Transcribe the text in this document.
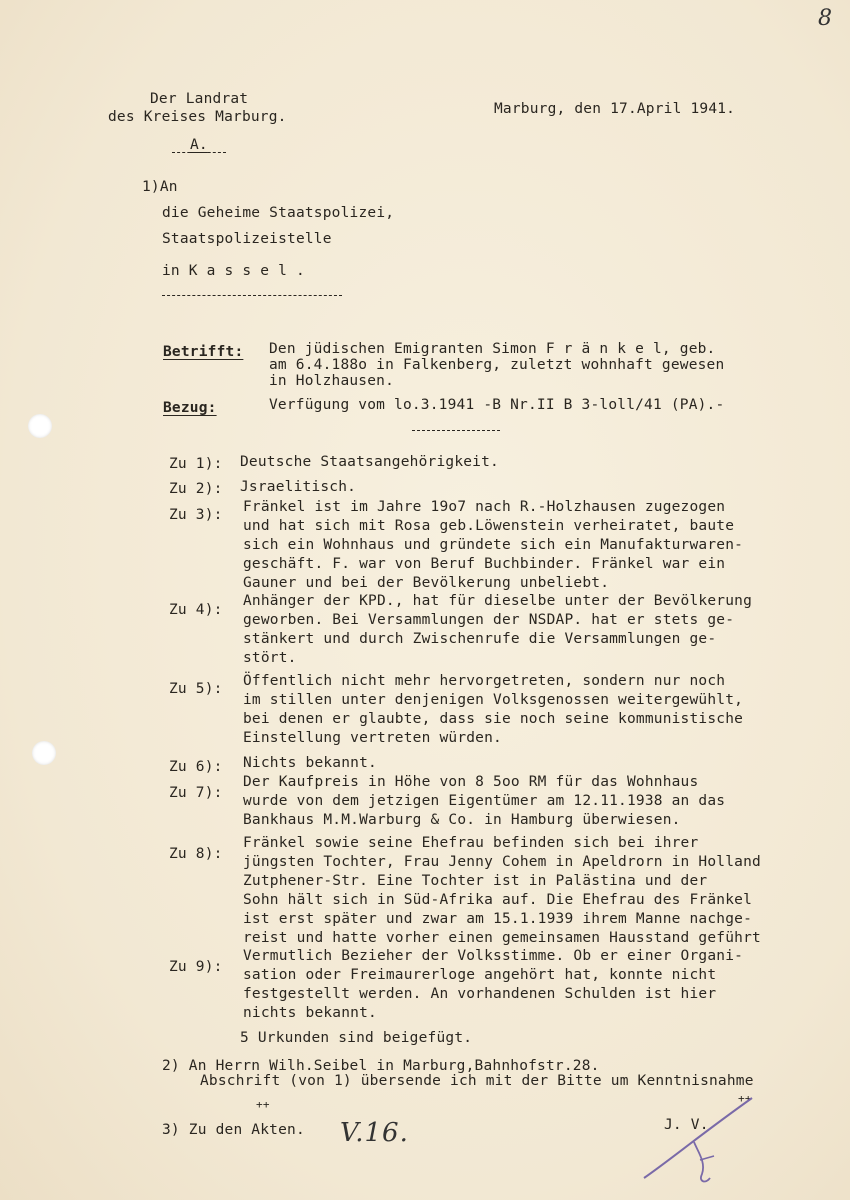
8
Der Landrat
des Kreises Marburg.	Marburg, den 17.April 1941.
A.
1)An
die Geheime Staatspolizei,
Staatspolizeistelle
in K a s s e l .
Betrifft: Den jüdischen Emigranten Simon F r ä n k e l, geb.
am 6.4.188o in Falkenberg, zuletzt wohnhaft gewesen
in Holzhausen.
Bezug:	Verfügung vom lo.3.1941 -B Nr.II B 3-loll/41 (PA).-
Zu 1): Deutsche Staatsangehörigkeit.
Zu 2): Jsraelitisch.
Zu 3): Fränkel ist im Jahre 19o7 nach R.-Holzhausen zugezogen
und hat sich mit Rosa geb.Löwenstein verheiratet, baute
sich ein Wohnhaus und gründete sich ein Manufakturwaren-
geschäft. F. war von Beruf Buchbinder. Fränkel war ein
Gauner und bei der Bevölkerung unbeliebt.
Zu 4):
Anhänger der KPD., hat für dieselbe unter der Bevölkerung
geworben. Bei Versammlungen der NSDAP. hat er stets ge-
stänkert und durch Zwischenrufe die Versammlungen ge-
stört.
Zu 5): Öffentlich nicht mehr hervorgetreten, sondern nur noch
im stillen unter denjenigen Volksgenossen weitergewühlt,
bei denen er glaubte, dass sie noch seine kommunistische
Einstellung vertreten würden.
Zu 6): Nichts bekannt.
Zu 7):
Der Kaufpreis in Höhe von 8 5oo RM für das Wohnhaus
wurde von dem jetzigen Eigentümer am 12.11.1938 an das
Bankhaus M.M.Warburg & Co. in Hamburg überwiesen.
Zu 8):
Fränkel sowie seine Ehefrau befinden sich bei ihrer
jüngsten Tochter, Frau Jenny Cohem in Apeldrorn in Holland
Zutphener-Str. Eine Tochter ist in Palästina und der
Sohn hält sich in Süd-Afrika auf. Die Ehefrau des Fränkel
ist erst später und zwar am 15.1.1939 ihrem Manne nachge-
reist und hatte vorher einen gemeinsamen Hausstand geführt
Zu 9):
Vermutlich Bezieher der Volksstimme. Ob er einer Organi-
sation oder Freimaurerloge angehört hat, konnte nicht
festgestellt werden. An vorhandenen Schulden ist hier
nichts bekannt.
5 Urkunden sind beigefügt.
2) An Herrn Wilh.Seibel in Marburg,Bahnhofstr.28.
Abschrift (von 1) übersende ich mit der Bitte um Kenntnisnahme
++	++
3) Zu den Akten. V.16.	J. V.
